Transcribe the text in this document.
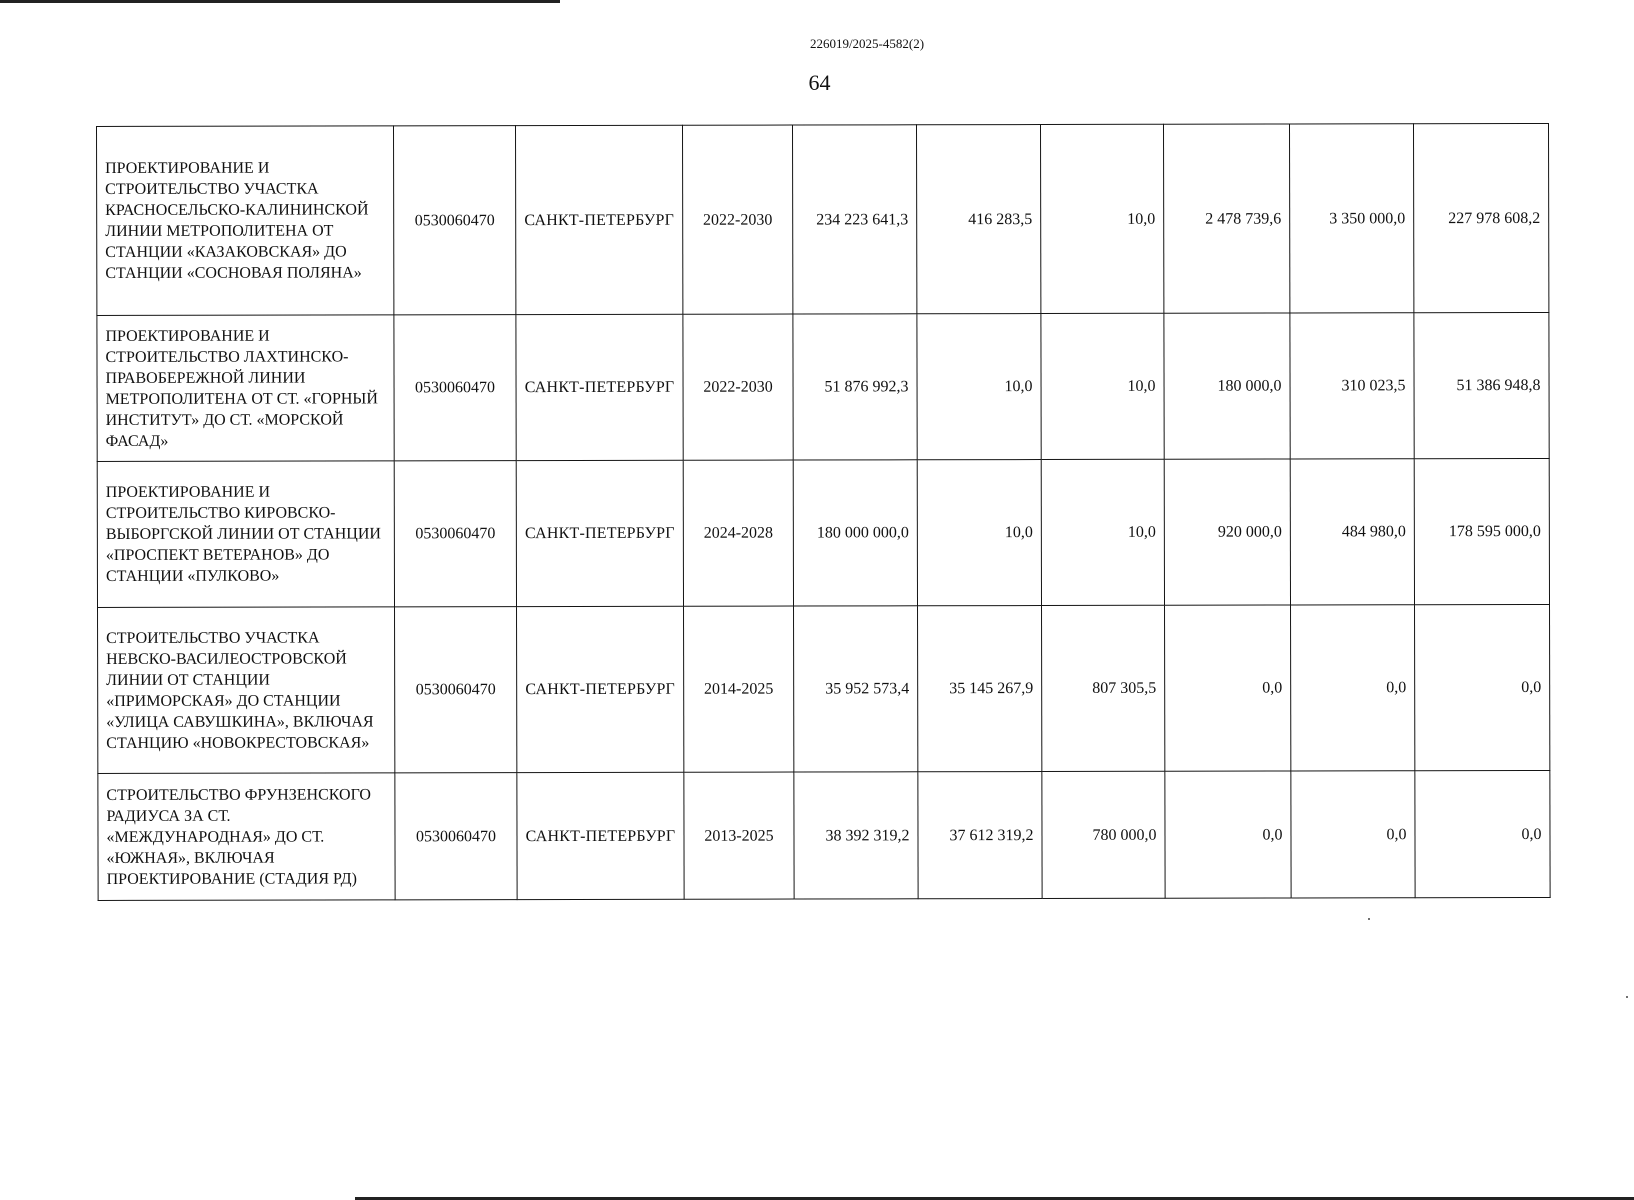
226019/2025-4582(2)
64
ПРОЕКТИРОВАНИЕ И СТРОИТЕЛЬСТВО УЧАСТКА КРАСНОСЕЛЬСКО-КАЛИНИНСКОЙ ЛИНИИ МЕТРОПОЛИТЕНА ОТ СТАНЦИИ «КАЗАКОВСКАЯ» ДО СТАНЦИИ «СОСНОВАЯ ПОЛЯНА»	0530060470	САНКТ-ПЕТЕРБУРГ	2022-2030	234 223 641,3	416 283,5	10,0	2 478 739,6	3 350 000,0	227 978 608,2
ПРОЕКТИРОВАНИЕ И СТРОИТЕЛЬСТВО ЛАХТИНСКО-ПРАВОБЕРЕЖНОЙ ЛИНИИ МЕТРОПОЛИТЕНА ОТ СТ. «ГОРНЫЙ ИНСТИТУТ» ДО СТ. «МОРСКОЙ ФАСАД»	0530060470	САНКТ-ПЕТЕРБУРГ	2022-2030	51 876 992,3	10,0	10,0	180 000,0	310 023,5	51 386 948,8
ПРОЕКТИРОВАНИЕ И СТРОИТЕЛЬСТВО КИРОВСКО-ВЫБОРГСКОЙ ЛИНИИ ОТ СТАНЦИИ «ПРОСПЕКТ ВЕТЕРАНОВ» ДО СТАНЦИИ «ПУЛКОВО»	0530060470	САНКТ-ПЕТЕРБУРГ	2024-2028	180 000 000,0	10,0	10,0	920 000,0	484 980,0	178 595 000,0
СТРОИТЕЛЬСТВО УЧАСТКА НЕВСКО-ВАСИЛЕОСТРОВСКОЙ ЛИНИИ ОТ СТАНЦИИ «ПРИМОРСКАЯ» ДО СТАНЦИИ «УЛИЦА САВУШКИНА», ВКЛЮЧАЯ СТАНЦИЮ «НОВОКРЕСТОВСКАЯ»	0530060470	САНКТ-ПЕТЕРБУРГ	2014-2025	35 952 573,4	35 145 267,9	807 305,5	0,0	0,0	0,0
СТРОИТЕЛЬСТВО ФРУНЗЕНСКОГО РАДИУСА ЗА СТ. «МЕЖДУНАРОДНАЯ» ДО СТ. «ЮЖНАЯ», ВКЛЮЧАЯ ПРОЕКТИРОВАНИЕ (СТАДИЯ РД)	0530060470	САНКТ-ПЕТЕРБУРГ	2013-2025	38 392 319,2	37 612 319,2	780 000,0	0,0	0,0	0,0
